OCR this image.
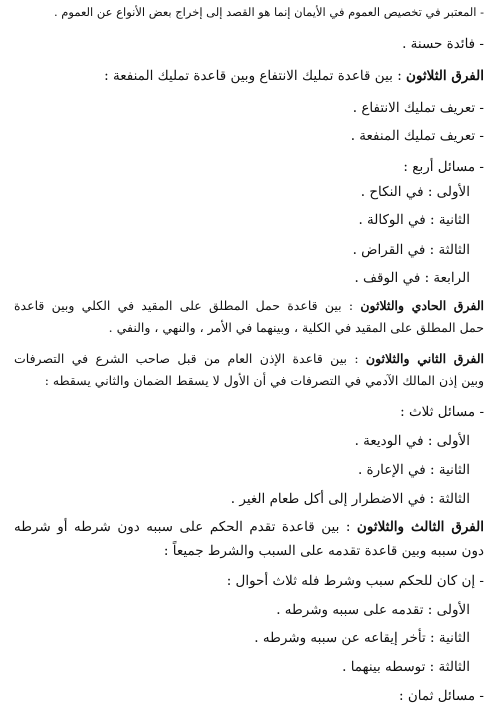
- المعتبر في تخصيص العموم في الأيمان إنما هو القصد إلى إخراج بعض الأنواع عن العموم .
- فائدة حسنة .
الفرق الثلاثون : بين قاعدة تمليك الانتفاع وبين قاعدة تمليك المنفعة :
- تعريف تمليك الانتفاع .
- تعريف تمليك المنفعة .
- مسائل أربع :
الأولى : في النكاح .
الثانية : في الوكالة .
الثالثة : في القراض .
الرابعة : في الوقف .
الفرق الحادي والثلاثون : بين قاعدة حمل المطلق على المقيد في الكلي وبين قاعدة
حمل المطلق على المقيد في الكلية ، وبينهما في الأمر ، والنهي ، والنفي .
الفرق الثاني والثلاثون : بين قاعدة الإذن العام من قبل صاحب الشرع في التصرفات
وبين إذن المالك الآدمي في التصرفات في أن الأول لا يسقط الضمان والثاني يسقطه :
- مسائل ثلاث :
الأولى : في الوديعة .
الثانية : في الإعارة .
الثالثة : في الاضطرار إلى أكل طعام الغير .
الفرق الثالث والثلاثون : بين قاعدة تقدم الحكم على سببه دون شرطه أو شرطه
دون سببه وبين قاعدة تقدمه على السبب والشرط جميعاً :
- إن كان للحكم سبب وشرط فله ثلاث أحوال :
الأولى : تقدمه على سببه وشرطه .
الثانية : تأخر إيقاعه عن سببه وشرطه .
الثالثة : توسطه بينهما .
- مسائل ثمان :
